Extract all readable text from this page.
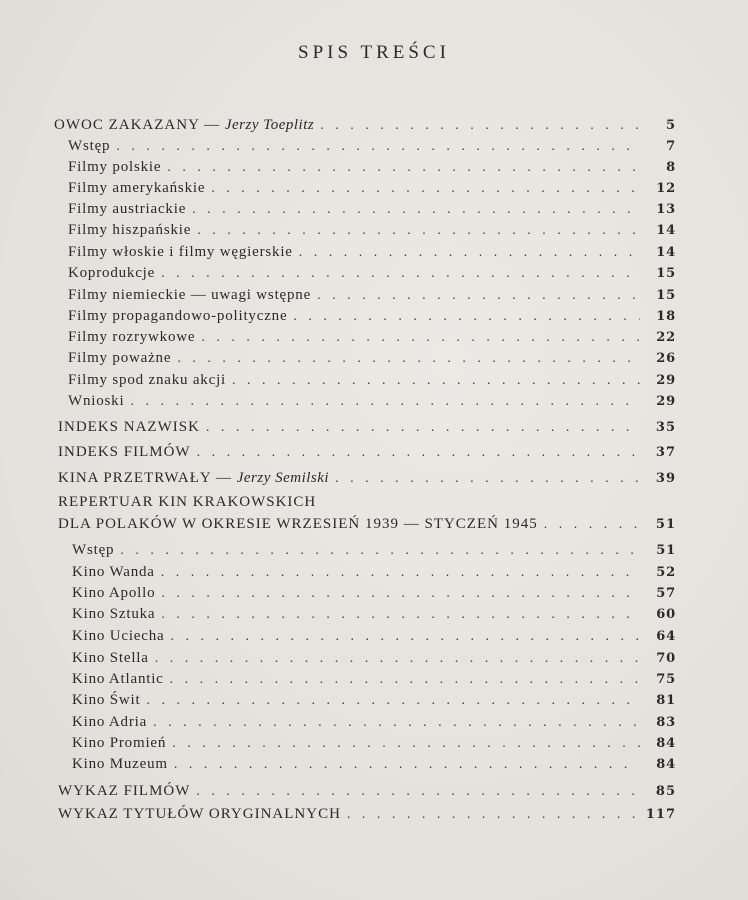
SPIS TREŚCI
OWOC ZAKAZANY — Jerzy Toeplitz . . .	5
Wstęp . . .	7
Filmy polskie . . .	8
Filmy amerykańskie . . .	12
Filmy austriackie . . .	13
Filmy hiszpańskie . . .	14
Filmy włoskie i filmy węgierskie . . .	14
Koprodukcje . . .	15
Filmy niemieckie — uwagi wstępne . . .	15
Filmy propagandowo-polityczne . . .	18
Filmy rozrywkowe . . .	22
Filmy poważne . . .	26
Filmy spod znaku akcji . . .	29
Wnioski . . .	29
INDEKS NAZWISK . . .	35
INDEKS FILMÓW . . .	37
KINA PRZETRWAŁY — Jerzy Semilski . . .	39
REPERTUAR KIN KRAKOWSKICH
DLA POLAKÓW W OKRESIE WRZESIEŃ 1939 — STYCZEŃ 1945 . . .	51
Wstęp . . .	51
Kino Wanda . . .	52
Kino Apollo . . .	57
Kino Sztuka . . .	60
Kino Uciecha . . .	64
Kino Stella . . .	70
Kino Atlantic . . .	75
Kino Świt . . .	81
Kino Adria . . .	83
Kino Promień . . .	84
Kino Muzeum . . .	84
WYKAZ FILMÓW . . .	85
WYKAZ TYTUŁÓW ORYGINALNYCH . . .	117
